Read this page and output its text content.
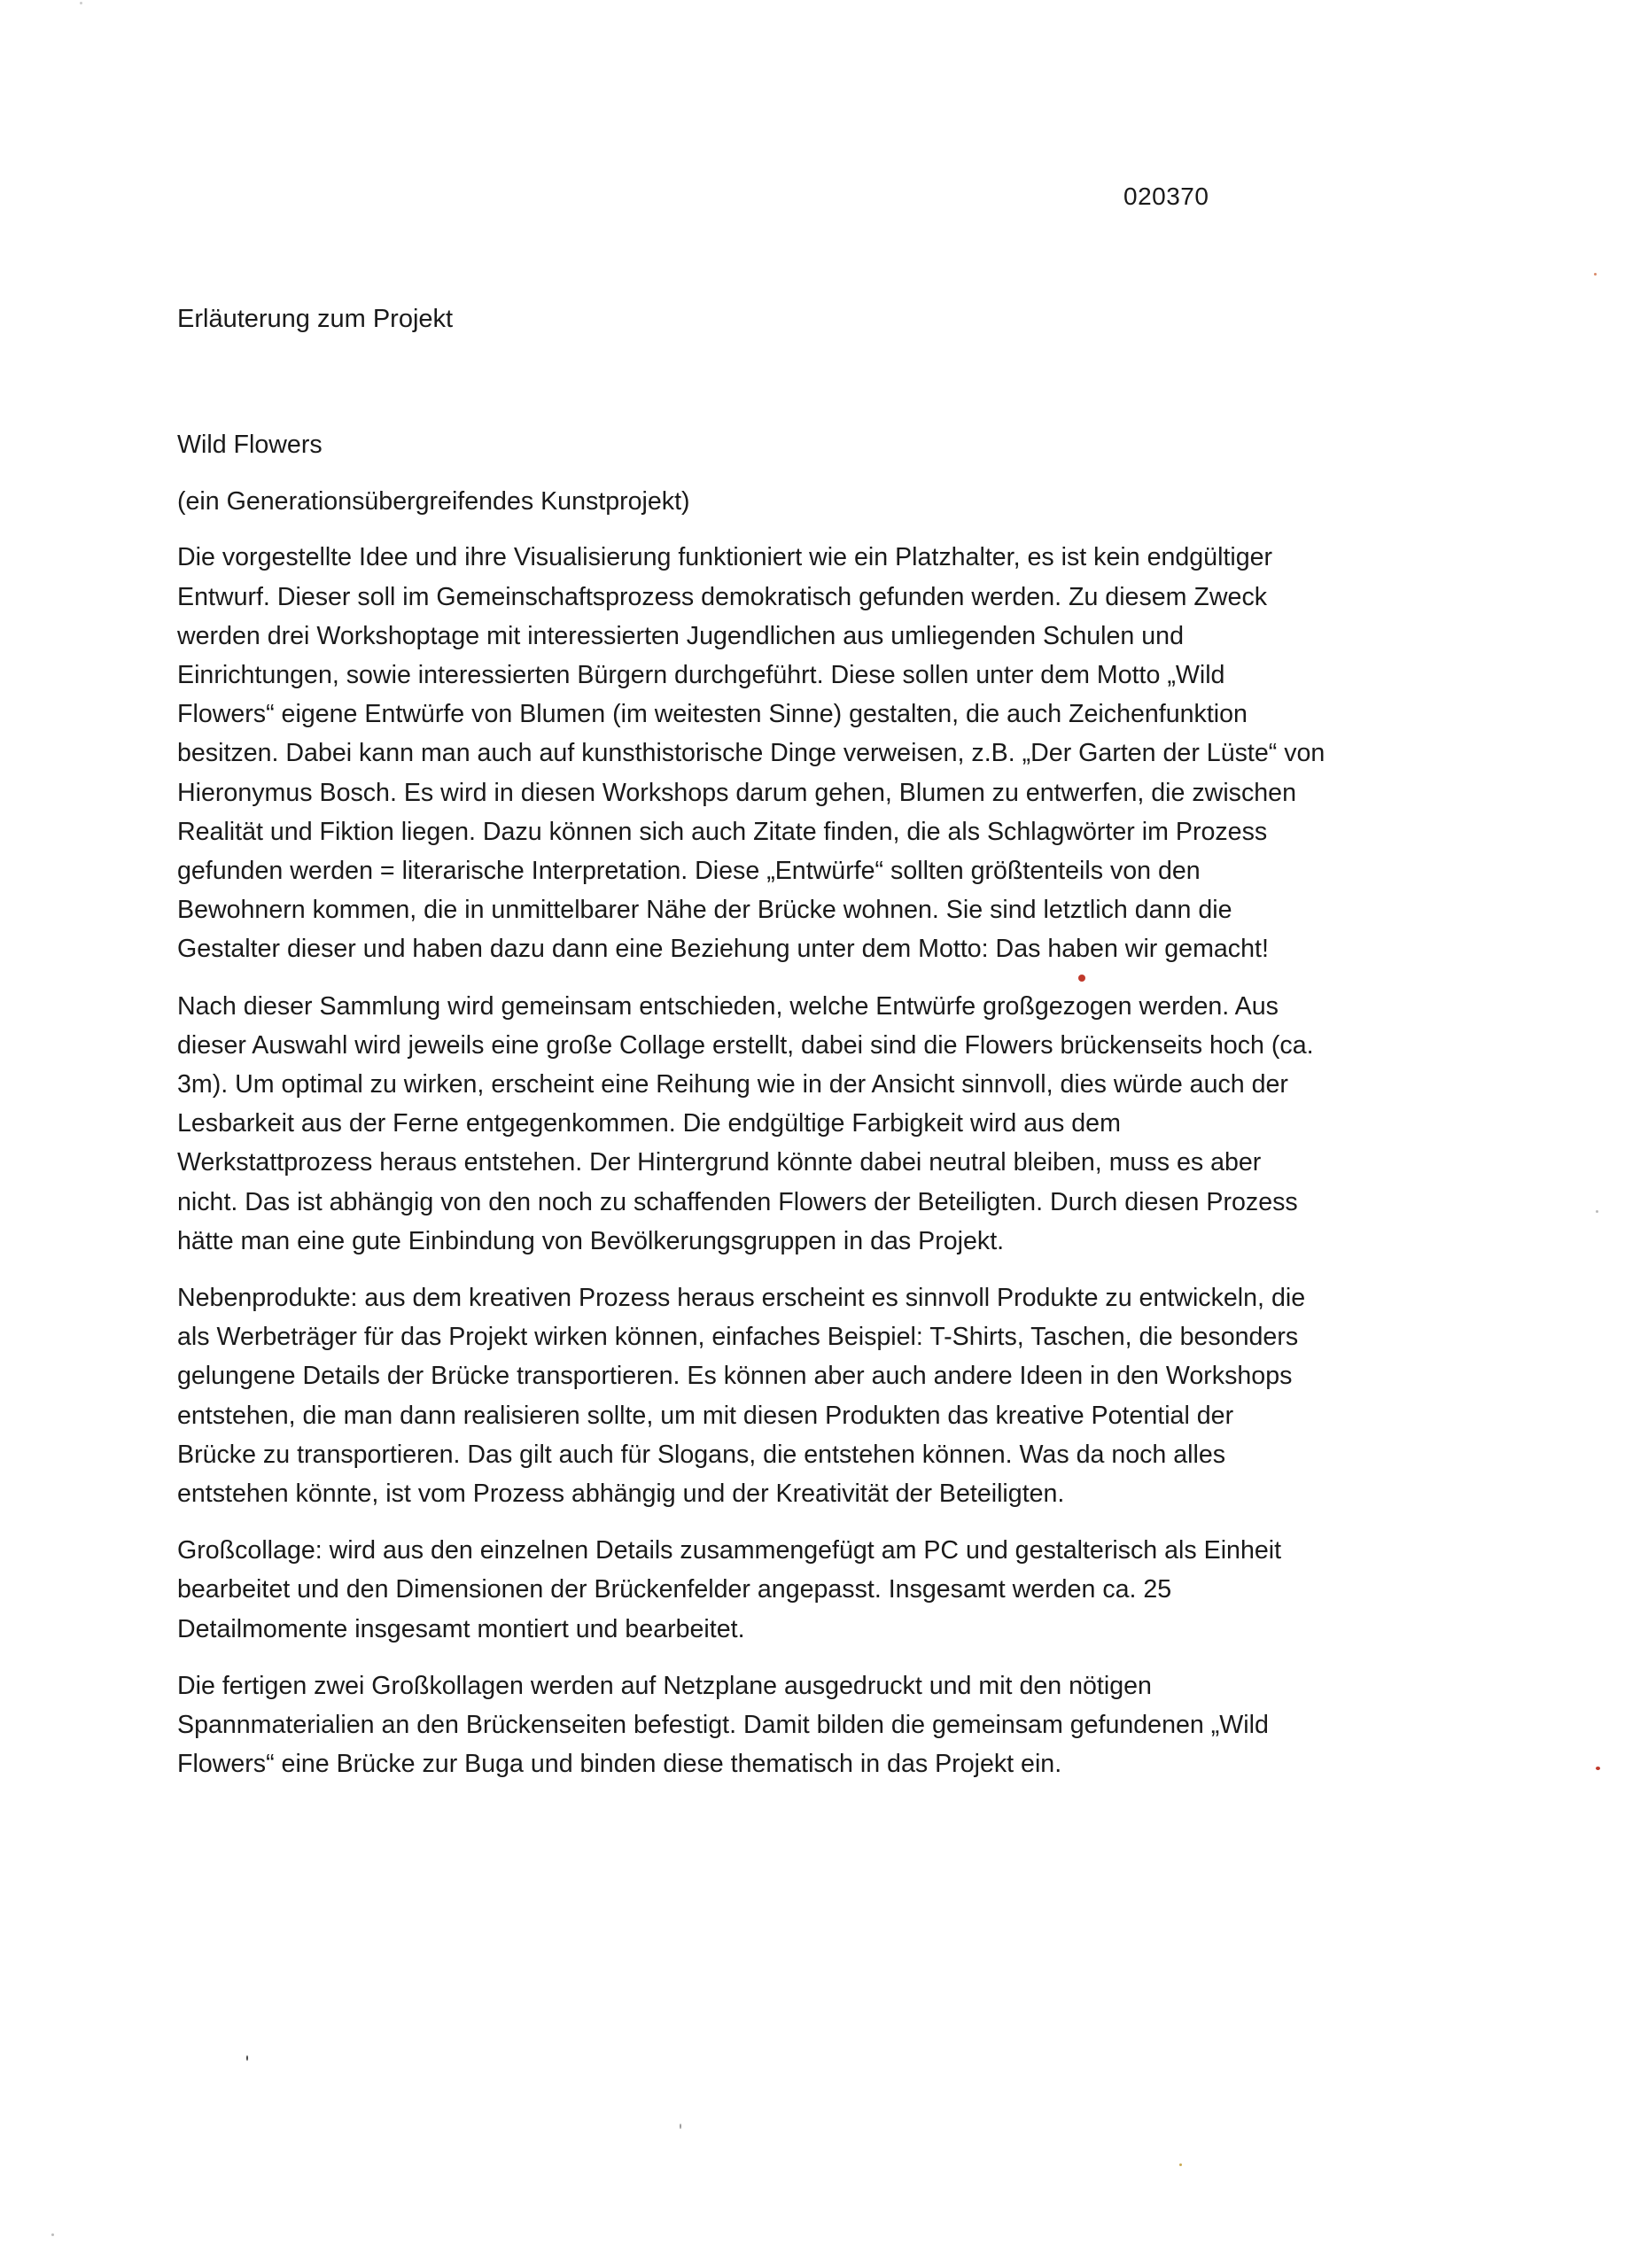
020370
Erläuterung zum Projekt

Wild Flowers

(ein Generationsübergreifendes Kunstprojekt)

Die vorgestellte Idee und ihre Visualisierung funktioniert wie ein Platzhalter, es ist kein endgültiger
Entwurf. Dieser soll im Gemeinschaftsprozess demokratisch gefunden werden. Zu diesem Zweck
werden drei Workshoptage mit interessierten Jugendlichen aus umliegenden Schulen und
Einrichtungen, sowie interessierten Bürgern durchgeführt. Diese sollen unter dem Motto „Wild
Flowers“ eigene Entwürfe von Blumen (im weitesten Sinne) gestalten, die auch Zeichenfunktion
besitzen. Dabei kann man auch auf kunsthistorische Dinge verweisen, z.B. „Der Garten der Lüste“ von
Hieronymus Bosch. Es wird in diesen Workshops darum gehen, Blumen zu entwerfen, die zwischen
Realität und Fiktion liegen. Dazu können sich auch Zitate finden, die als Schlagwörter im Prozess
gefunden werden = literarische Interpretation. Diese „Entwürfe“ sollten größtenteils von den
Bewohnern kommen, die in unmittelbarer Nähe der Brücke wohnen. Sie sind letztlich dann die
Gestalter dieser und haben dazu dann eine Beziehung unter dem Motto: Das haben wir gemacht!

Nach dieser Sammlung wird gemeinsam entschieden, welche Entwürfe großgezogen werden. Aus
dieser Auswahl wird jeweils eine große Collage erstellt, dabei sind die Flowers brückenseits hoch (ca.
3m). Um optimal zu wirken, erscheint eine Reihung wie in der Ansicht sinnvoll, dies würde auch der
Lesbarkeit aus der Ferne entgegenkommen. Die endgültige Farbigkeit wird aus dem
Werkstattprozess heraus entstehen. Der Hintergrund könnte dabei neutral bleiben, muss es aber
nicht. Das ist abhängig von den noch zu schaffenden Flowers der Beteiligten. Durch diesen Prozess
hätte man eine gute Einbindung von Bevölkerungsgruppen in das Projekt.

Nebenprodukte: aus dem kreativen Prozess heraus erscheint es sinnvoll Produkte zu entwickeln, die
als Werbeträger für das Projekt wirken können, einfaches Beispiel: T-Shirts, Taschen, die besonders
gelungene Details der Brücke transportieren. Es können aber auch andere Ideen in den Workshops
entstehen, die man dann realisieren sollte, um mit diesen Produkten das kreative Potential der
Brücke zu transportieren. Das gilt auch für Slogans, die entstehen können. Was da noch alles
entstehen könnte, ist vom Prozess abhängig und der Kreativität der Beteiligten.

Großcollage: wird aus den einzelnen Details zusammengefügt am PC und gestalterisch als Einheit
bearbeitet und den Dimensionen der Brückenfelder angepasst. Insgesamt werden ca. 25
Detailmomente insgesamt montiert und bearbeitet.

Die fertigen zwei Großkollagen werden auf Netzplane ausgedruckt und mit den nötigen
Spannmaterialien an den Brückenseiten befestigt. Damit bilden die gemeinsam gefundenen „Wild
Flowers“ eine Brücke zur Buga und binden diese thematisch in das Projekt ein.
